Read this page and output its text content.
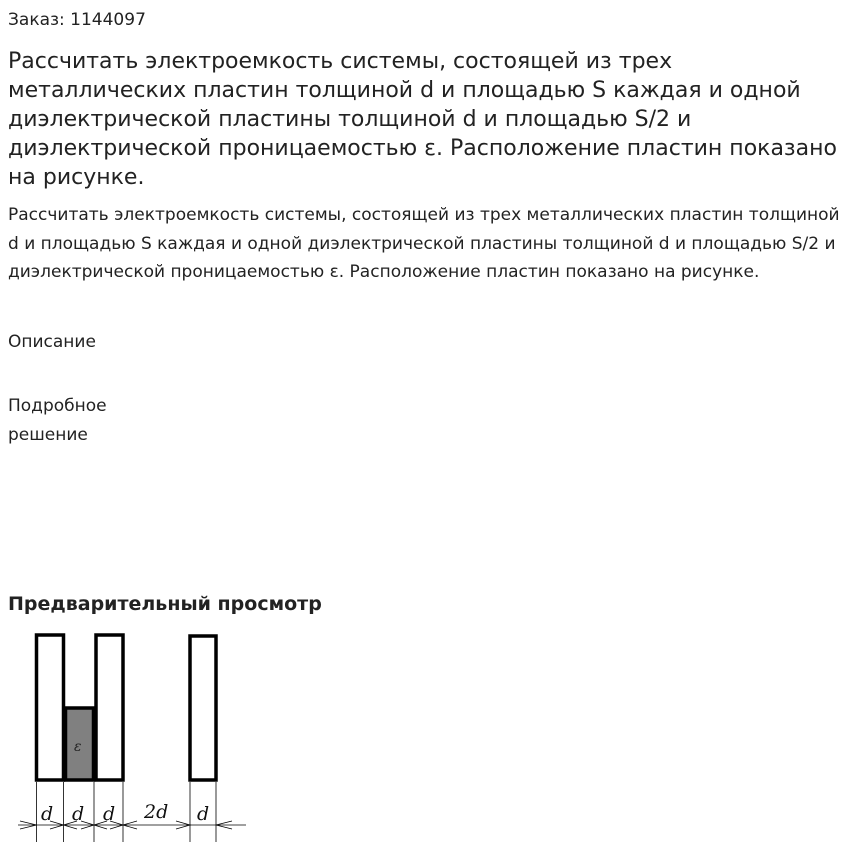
Заказ: 1144097
Рассчитать электроемкость системы, состоящей из трех металлических пластин толщиной d и площадью S каждая и одной диэлектрической пластины толщиной d и площадью S/2 и диэлектрической проницаемостью ε. Расположение пластин показано на рисунке.

Рассчитать электроемкость системы, состоящей из трех металлических пластин толщиной d и площадью S каждая и одной диэлектрической пластины толщиной d и площадью S/2 и диэлектрической проницаемостью ε. Расположение пластин показано на рисунке.

Описание
Подробное решение
Предварительный просмотр
ε
d d d 2d d
